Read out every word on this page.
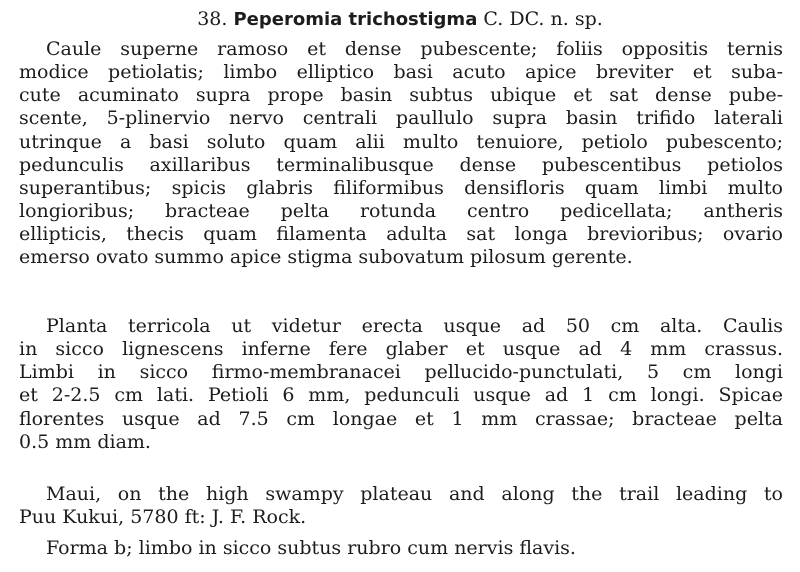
38. Peperomia trichostigma C. DC. n. sp.
Caule superne ramoso et dense pubescente; foliis oppositis ternis
modice petiolatis; limbo elliptico basi acuto apice breviter et suba-
cute acuminato supra prope basin subtus ubique et sat dense pube-
scente, 5-plinervio nervo centrali paullulo supra basin trifido laterali
utrinque a basi soluto quam alii multo tenuiore, petiolo pubescento;
pedunculis axillaribus terminalibusque dense pubescentibus petiolos
superantibus; spicis glabris filiformibus densifloris quam limbi multo
longioribus; bracteae pelta rotunda centro pedicellata; antheris
ellipticis, thecis quam filamenta adulta sat longa brevioribus; ovario
emerso ovato summo apice stigma subovatum pilosum gerente.
Planta terricola ut videtur erecta usque ad 50 cm alta. Caulis
in sicco lignescens inferne fere glaber et usque ad 4 mm crassus.
Limbi in sicco firmo-membranacei pellucido-punctulati, 5 cm longi
et 2-2.5 cm lati. Petioli 6 mm, pedunculi usque ad 1 cm longi. Spicae
florentes usque ad 7.5 cm longae et 1 mm crassae; bracteae pelta
0.5 mm diam.
Maui, on the high swampy plateau and along the trail leading to
Puu Kukui, 5780 ft: J. F. Rock.
Forma b; limbo in sicco subtus rubro cum nervis flavis.
